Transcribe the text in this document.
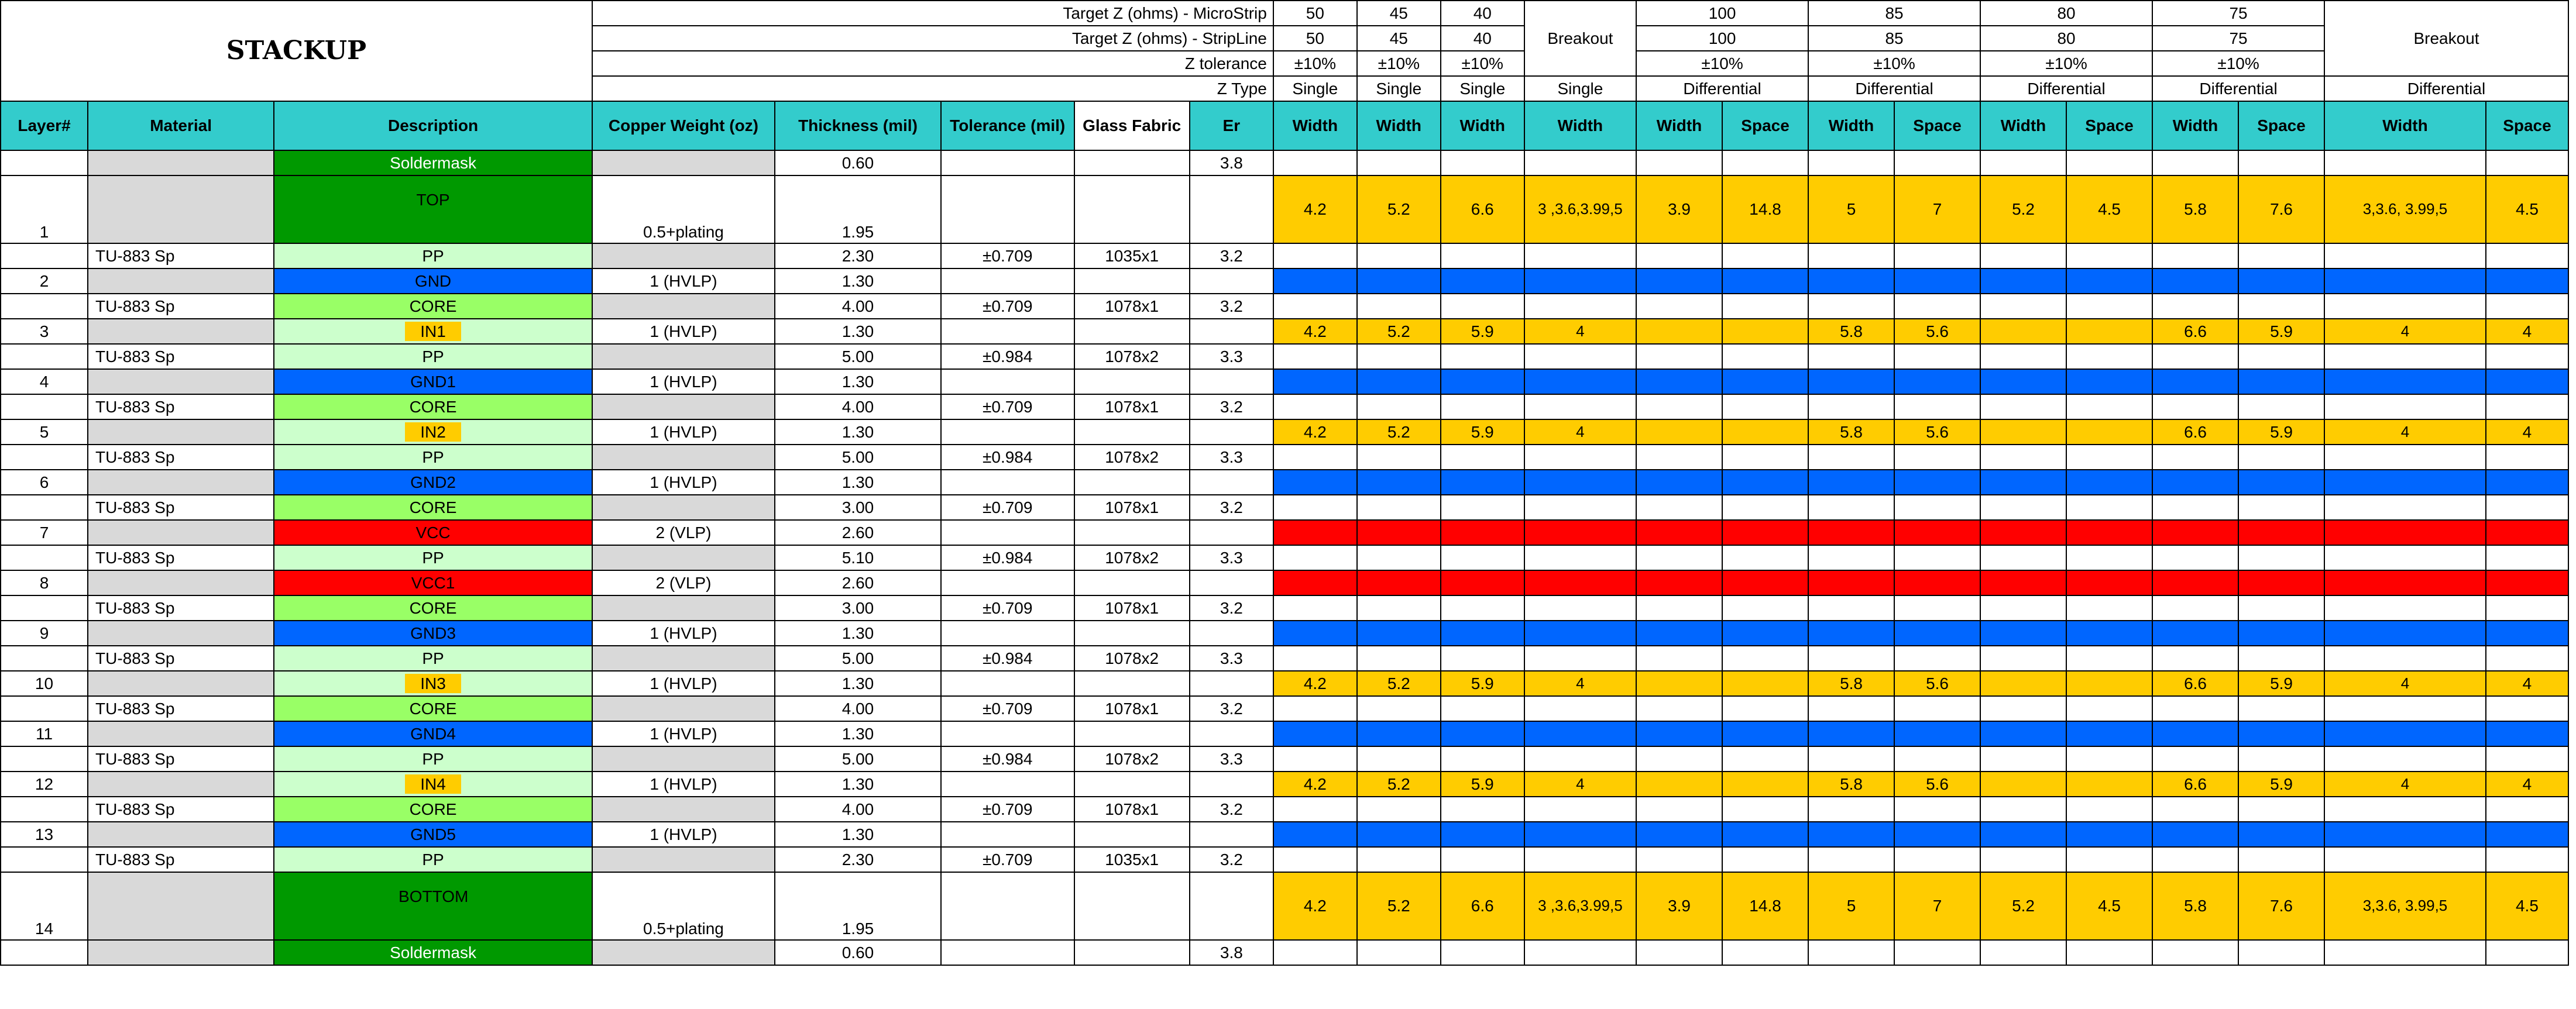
STACKUP			Target Z (ohms) - MicroStrip					50	45	40	Breakout	100		85		80		75		Breakout	
			Target Z (ohms) - StripLine					50	45	40		100		85		80		75			
			Z tolerance					±10%	±10%	±10%		±10%		±10%		±10%		±10%			
			Z Type					Single	Single	Single	Single	Differential		Differential		Differential		Differential		Differential	
Layer#	Material	Description	Copper Weight (oz)	Thickness (mil)	Tolerance (mil)	Glass Fabric	Er	Width	Width	Width	Width	Width	Space	Width	Space	Width	Space	Width	Space	Width	Space
		Soldermask		0.60			3.8														
1		TOP	0.5+plating	1.95				4.2	5.2	6.6	3 ,3.6,3.99,5	3.9	14.8	5	7	5.2	4.5	5.8	7.6	3,3.6, 3.99,5	4.5
	TU-883 Sp	PP		2.30	±0.709	1035x1	3.2														
2		GND	1 (HVLP)	1.30																	
	TU-883 Sp	CORE		4.00	±0.709	1078x1	3.2														
3		IN1	1 (HVLP)	1.30				4.2	5.2	5.9	4			5.8	5.6			6.6	5.9	4	4
	TU-883 Sp	PP		5.00	±0.984	1078x2	3.3														
4		GND1	1 (HVLP)	1.30																	
	TU-883 Sp	CORE		4.00	±0.709	1078x1	3.2														
5		IN2	1 (HVLP)	1.30				4.2	5.2	5.9	4			5.8	5.6			6.6	5.9	4	4
	TU-883 Sp	PP		5.00	±0.984	1078x2	3.3														
6		GND2	1 (HVLP)	1.30																	
	TU-883 Sp	CORE		3.00	±0.709	1078x1	3.2														
7		VCC	2 (VLP)	2.60																	
	TU-883 Sp	PP		5.10	±0.984	1078x2	3.3														
8		VCC1	2 (VLP)	2.60																	
	TU-883 Sp	CORE		3.00	±0.709	1078x1	3.2														
9		GND3	1 (HVLP)	1.30																	
	TU-883 Sp	PP		5.00	±0.984	1078x2	3.3														
10		IN3	1 (HVLP)	1.30				4.2	5.2	5.9	4			5.8	5.6			6.6	5.9	4	4
	TU-883 Sp	CORE		4.00	±0.709	1078x1	3.2														
11		GND4	1 (HVLP)	1.30																	
	TU-883 Sp	PP		5.00	±0.984	1078x2	3.3														
12		IN4	1 (HVLP)	1.30				4.2	5.2	5.9	4			5.8	5.6			6.6	5.9	4	4
	TU-883 Sp	CORE		4.00	±0.709	1078x1	3.2														
13		GND5	1 (HVLP)	1.30																	
	TU-883 Sp	PP		2.30	±0.709	1035x1	3.2														
14		BOTTOM	0.5+plating	1.95				4.2	5.2	6.6	3 ,3.6,3.99,5	3.9	14.8	5	7	5.2	4.5	5.8	7.6	3,3.6, 3.99,5	4.5
		Soldermask		0.60			3.8														
